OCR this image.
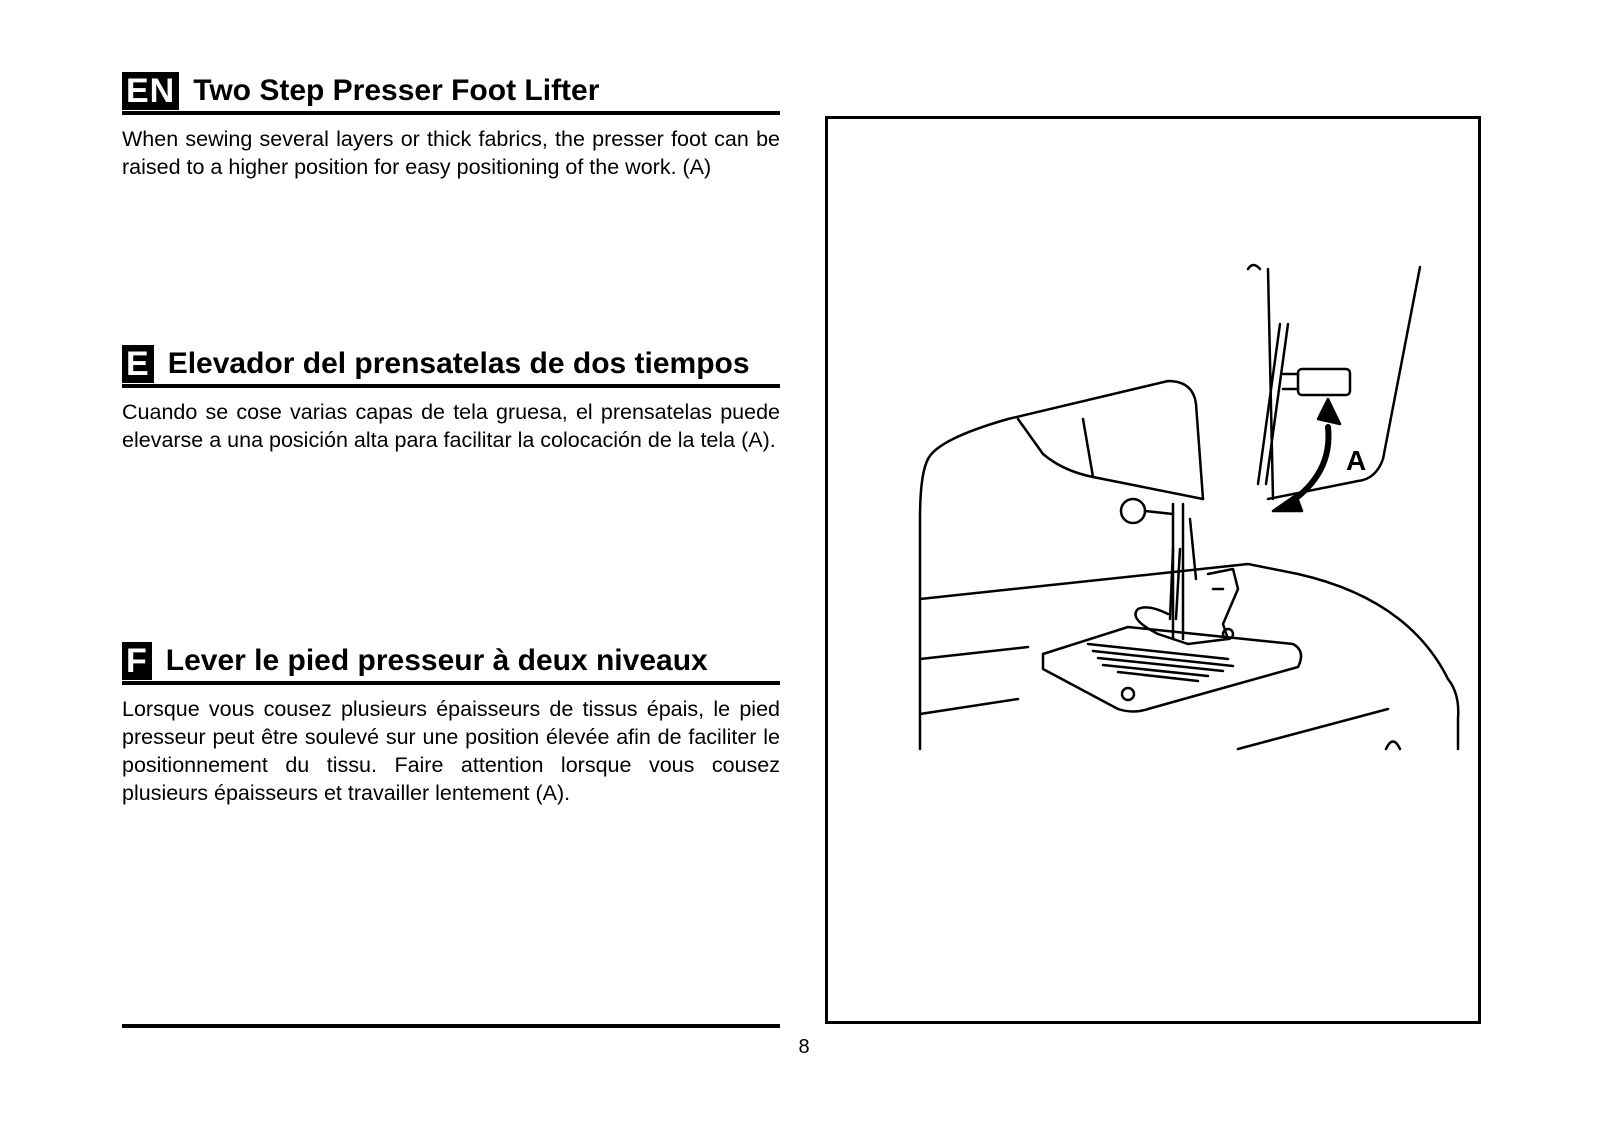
EN Two Step Presser Foot Lifter
When sewing several layers or thick fabrics, the presser foot can be raised to a higher position for easy positioning of the work. (A)
E Elevador del prensatelas de dos tiempos
Cuando se cose varias capas de tela gruesa, el prensatelas puede elevarse a una posición alta para facilitar la colocación de la tela (A).
F Lever le pied presseur à deux niveaux
Lorsque vous cousez plusieurs épaisseurs de tissus épais, le pied presseur peut être soulevé sur une position élevée afin de faciliter le positionnement du tissu. Faire attention lorsque vous cousez plusieurs épaisseurs et travailler lentement (A).
8
A
